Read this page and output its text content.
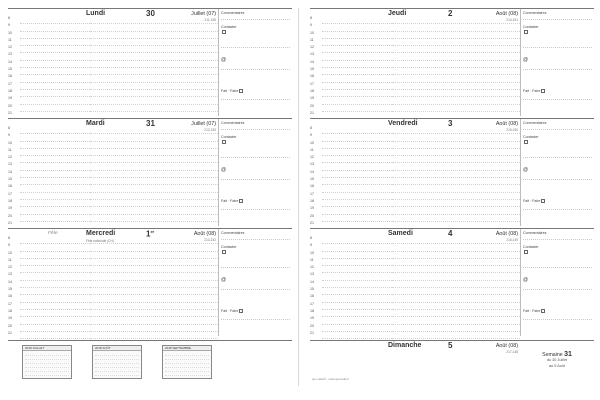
Lundi	30	Juillet (07)
211-155
8
9
10
11
12
13
14
15
16
17
18
19
20
21
Commentaires
Contacter
@
Fait · Faire
Mardi	31	Juillet (07)
212-153
8
9
10
11
12
13
14
15
16
17
18
19
20
21
Commentaires
Contacter
@
Fait · Faire
Fête	Mercredi	1er	Août (08)
213-152
Fête nationale (CH)
8
9
10
11
12
13
14
15
16
17
18
19
20
21
Commentaires
Contacter
@
Fait · Faire
2018 JUILLET	2018 AOÛT	2018 SEPTEMBRE
Jeudi	2	Août (08)
214-151
8
9
10
11
12
13
14
15
16
17
18
19
20
21
Commentaires
Contacter
@
Fait · Faire
Vendredi	3	Août (08)
215-150
8
9
10
11
12
13
14
15
16
17
18
19
20
21
Commentaires
Contacter
@
Fait · Faire
Samedi	4	Août (08)
216-149
8
9
10
11
12
13
14
15
16
17
18
19
20
21
Commentaires
Contacter
@
Fait · Faire
Dimanche	5	Août (08)
217-148	Semaine 31
du 30 Juillet
au 5 Août
quo vadis® · www.quovadis.fr
